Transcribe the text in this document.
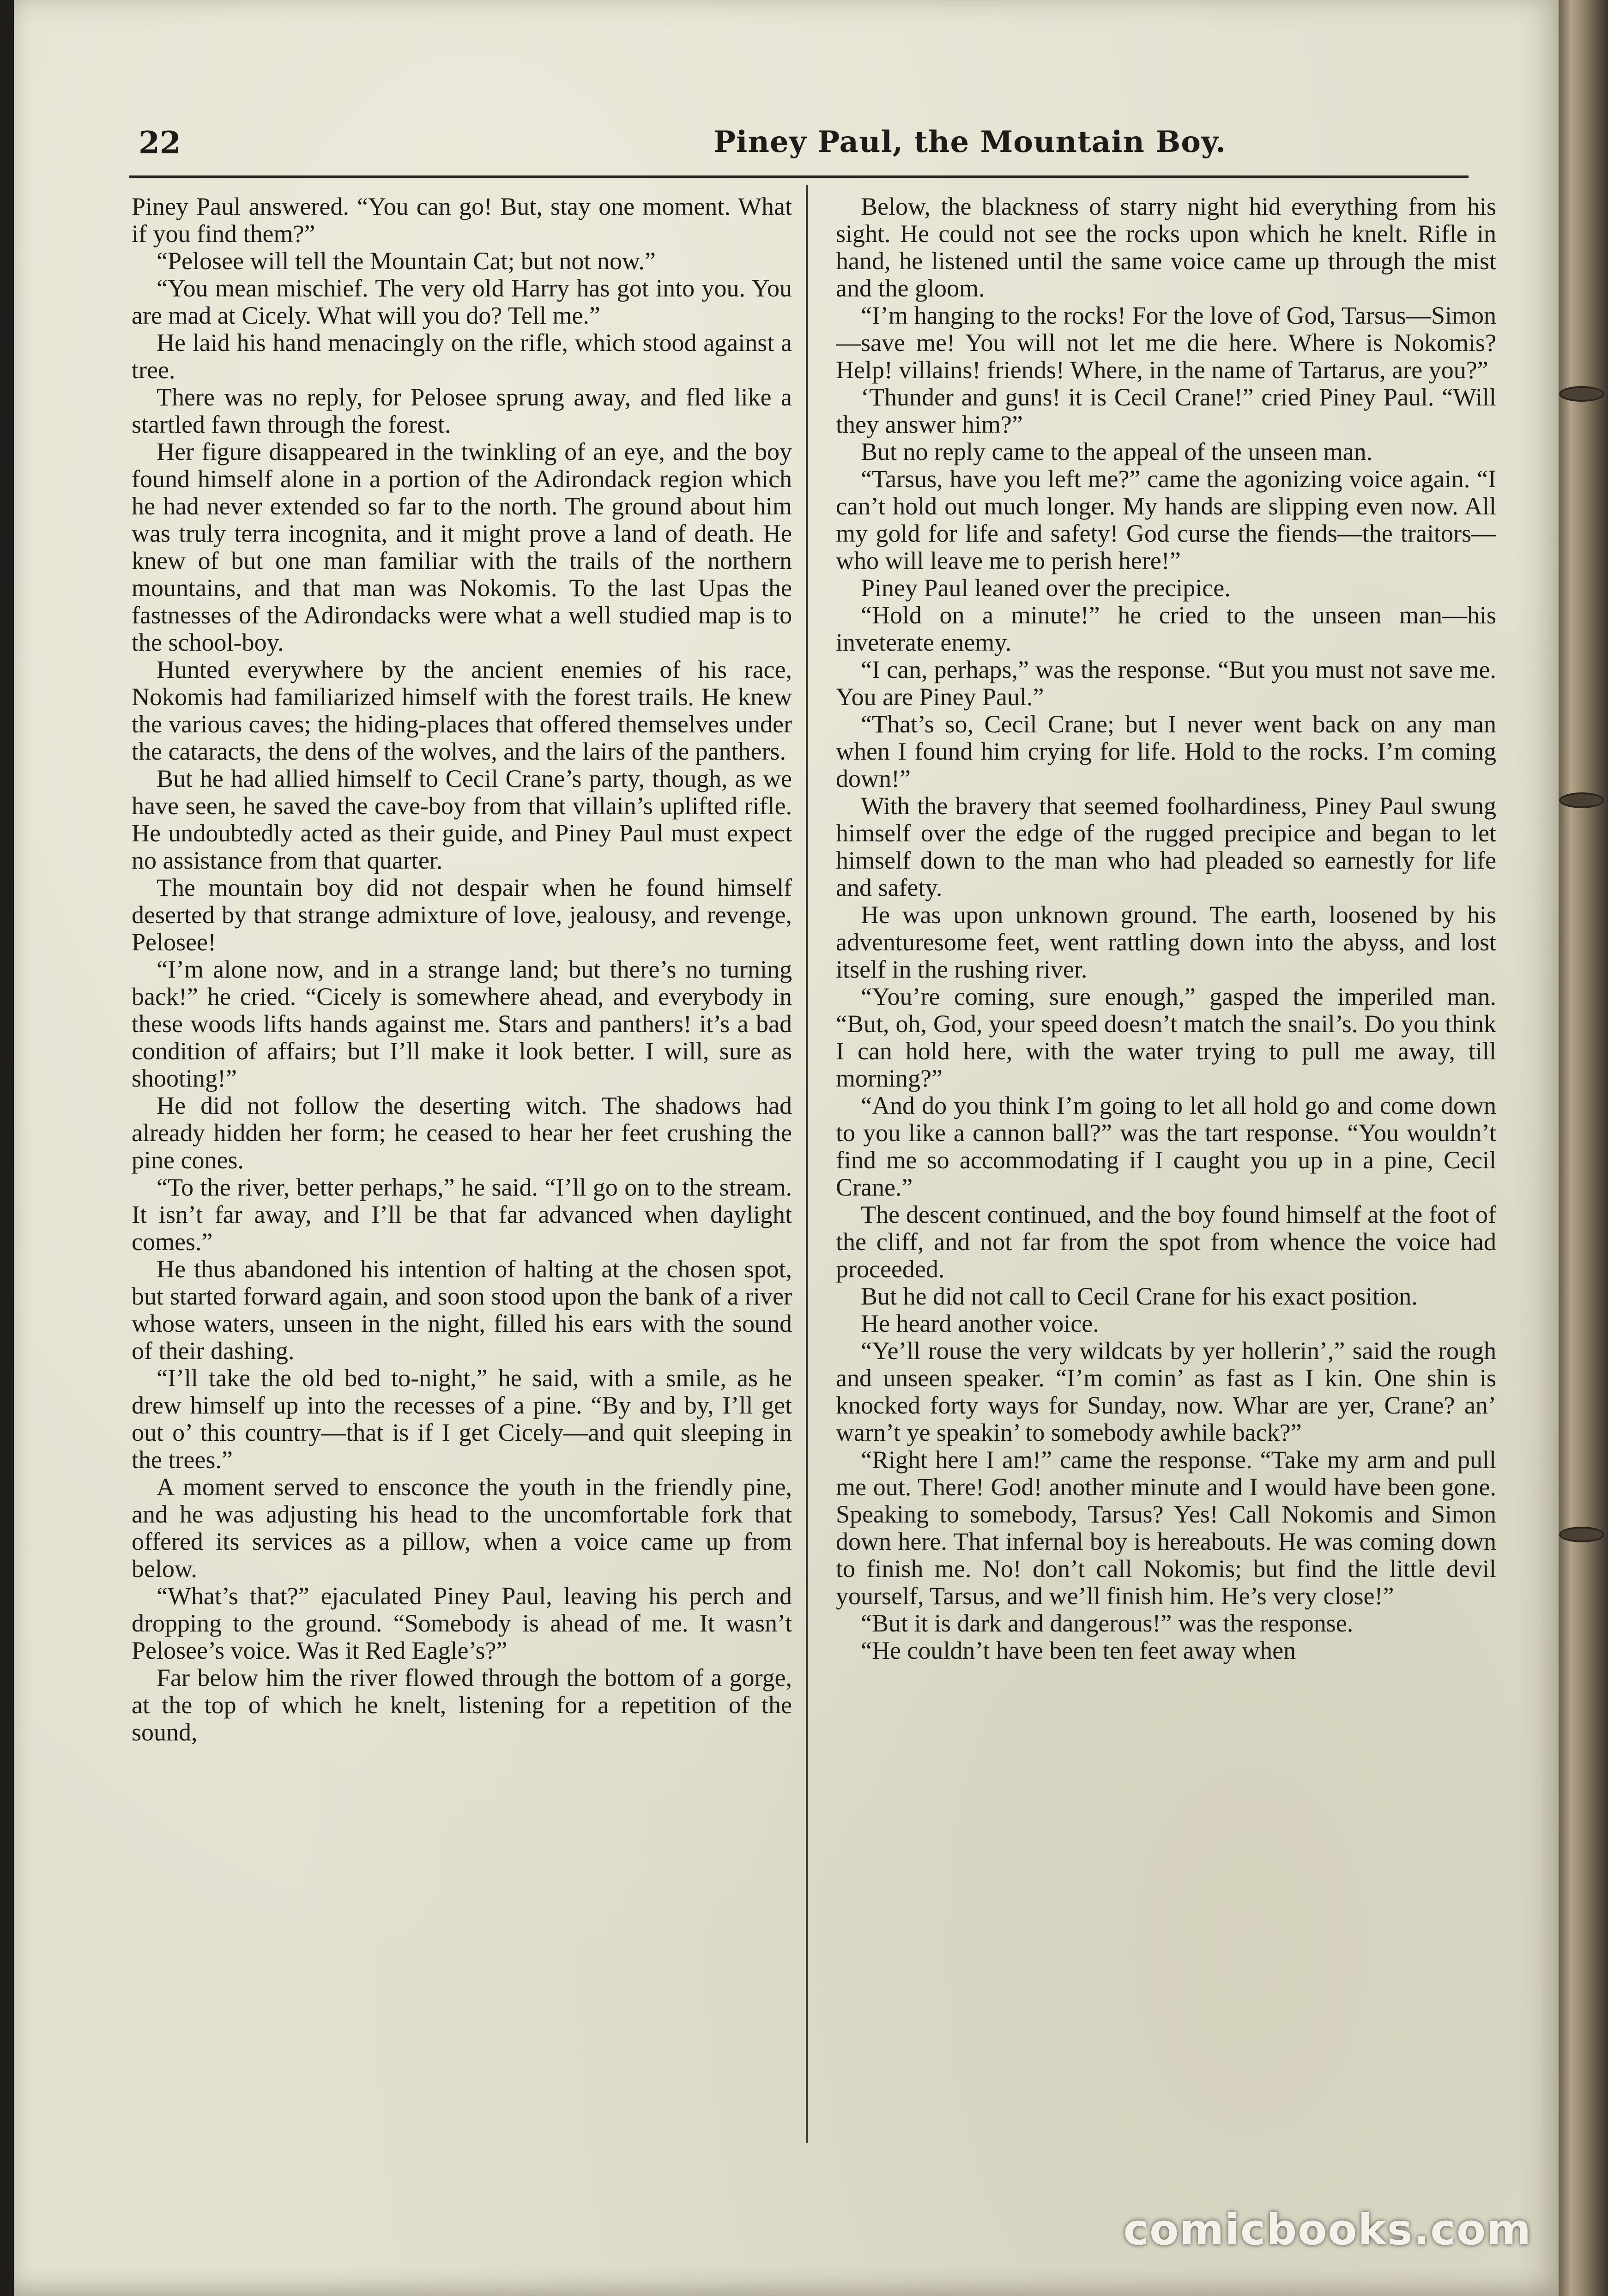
22	Piney Paul, the Mountain Boy.

Piney Paul answered. “You can go! But, stay one moment. What if you find them?”

“Pelosee will tell the Mountain Cat; but not now.”

“You mean mischief. The very old Harry has got into you. You are mad at Cicely. What will you do? Tell me.”

He laid his hand menacingly on the rifle, which stood against a tree.

There was no reply, for Pelosee sprung away, and fled like a startled fawn through the forest.

Her figure disappeared in the twinkling of an eye, and the boy found himself alone in a portion of the Adirondack region which he had never extended so far to the north. The ground about him was truly terra incognita, and it might prove a land of death. He knew of but one man familiar with the trails of the northern mountains, and that man was Nokomis. To the last Upas the fastnesses of the Adirondacks were what a well studied map is to the school-boy.

Hunted everywhere by the ancient enemies of his race, Nokomis had familiarized himself with the forest trails. He knew the various caves; the hiding-places that offered themselves under the cataracts, the dens of the wolves, and the lairs of the panthers.

But he had allied himself to Cecil Crane’s party, though, as we have seen, he saved the cave-boy from that villain’s uplifted rifle. He undoubtedly acted as their guide, and Piney Paul must expect no assistance from that quarter.

The mountain boy did not despair when he found himself deserted by that strange admixture of love, jealousy, and revenge, Pelosee!

“I’m alone now, and in a strange land; but there’s no turning back!” he cried. “Cicely is somewhere ahead, and everybody in these woods lifts hands against me. Stars and panthers! it’s a bad condition of affairs; but I’ll make it look better. I will, sure as shooting!”

He did not follow the deserting witch. The shadows had already hidden her form; he ceased to hear her feet crushing the pine cones.

“To the river, better perhaps,” he said. “I’ll go on to the stream. It isn’t far away, and I’ll be that far advanced when daylight comes.”

He thus abandoned his intention of halting at the chosen spot, but started forward again, and soon stood upon the bank of a river whose waters, unseen in the night, filled his ears with the sound of their dashing.

“I’ll take the old bed to-night,” he said, with a smile, as he drew himself up into the recesses of a pine. “By and by, I’ll get out o’ this country—that is if I get Cicely—and quit sleeping in the trees.”

A moment served to ensconce the youth in the friendly pine, and he was adjusting his head to the uncomfortable fork that offered its services as a pillow, when a voice came up from below.

“What’s that?” ejaculated Piney Paul, leaving his perch and dropping to the ground. “Somebody is ahead of me. It wasn’t Pelosee’s voice. Was it Red Eagle’s?”

Far below him the river flowed through the bottom of a gorge, at the top of which he knelt, listening for a repetition of the sound,

Below, the blackness of starry night hid everything from his sight. He could not see the rocks upon which he knelt. Rifle in hand, he listened until the same voice came up through the mist and the gloom.

“I’m hanging to the rocks! For the love of God, Tarsus—Simon—save me! You will not let me die here. Where is Nokomis? Help! villains! friends! Where, in the name of Tartarus, are you?”

‘Thunder and guns! it is Cecil Crane!” cried Piney Paul. “Will they answer him?”

But no reply came to the appeal of the unseen man.

“Tarsus, have you left me?” came the agonizing voice again. “I can’t hold out much longer. My hands are slipping even now. All my gold for life and safety! God curse the fiends—the traitors—who will leave me to perish here!”

Piney Paul leaned over the precipice.

“Hold on a minute!” he cried to the unseen man—his inveterate enemy.

“I can, perhaps,” was the response. “But you must not save me. You are Piney Paul.”

“That’s so, Cecil Crane; but I never went back on any man when I found him crying for life. Hold to the rocks. I’m coming down!”

With the bravery that seemed foolhardiness, Piney Paul swung himself over the edge of the rugged precipice and began to let himself down to the man who had pleaded so earnestly for life and safety.

He was upon unknown ground. The earth, loosened by his adventuresome feet, went rattling down into the abyss, and lost itself in the rushing river.

“You’re coming, sure enough,” gasped the imperiled man. “But, oh, God, your speed doesn’t match the snail’s. Do you think I can hold here, with the water trying to pull me away, till morning?”

“And do you think I’m going to let all hold go and come down to you like a cannon ball?” was the tart response. “You wouldn’t find me so accommodating if I caught you up in a pine, Cecil Crane.”

The descent continued, and the boy found himself at the foot of the cliff, and not far from the spot from whence the voice had proceeded.

But he did not call to Cecil Crane for his exact position.

He heard another voice.

“Ye’ll rouse the very wildcats by yer hollerin’,” said the rough and unseen speaker. “I’m comin’ as fast as I kin. One shin is knocked forty ways for Sunday, now. Whar are yer, Crane? an’ warn’t ye speakin’ to somebody awhile back?”

“Right here I am!” came the response. “Take my arm and pull me out. There! God! another minute and I would have been gone. Speaking to somebody, Tarsus? Yes! Call Nokomis and Simon down here. That infernal boy is hereabouts. He was coming down to finish me. No! don’t call Nokomis; but find the little devil yourself, Tarsus, and we’ll finish him. He’s very close!”

“But it is dark and dangerous!” was the response.

“He couldn’t have been ten feet away when

comicbooks.com
